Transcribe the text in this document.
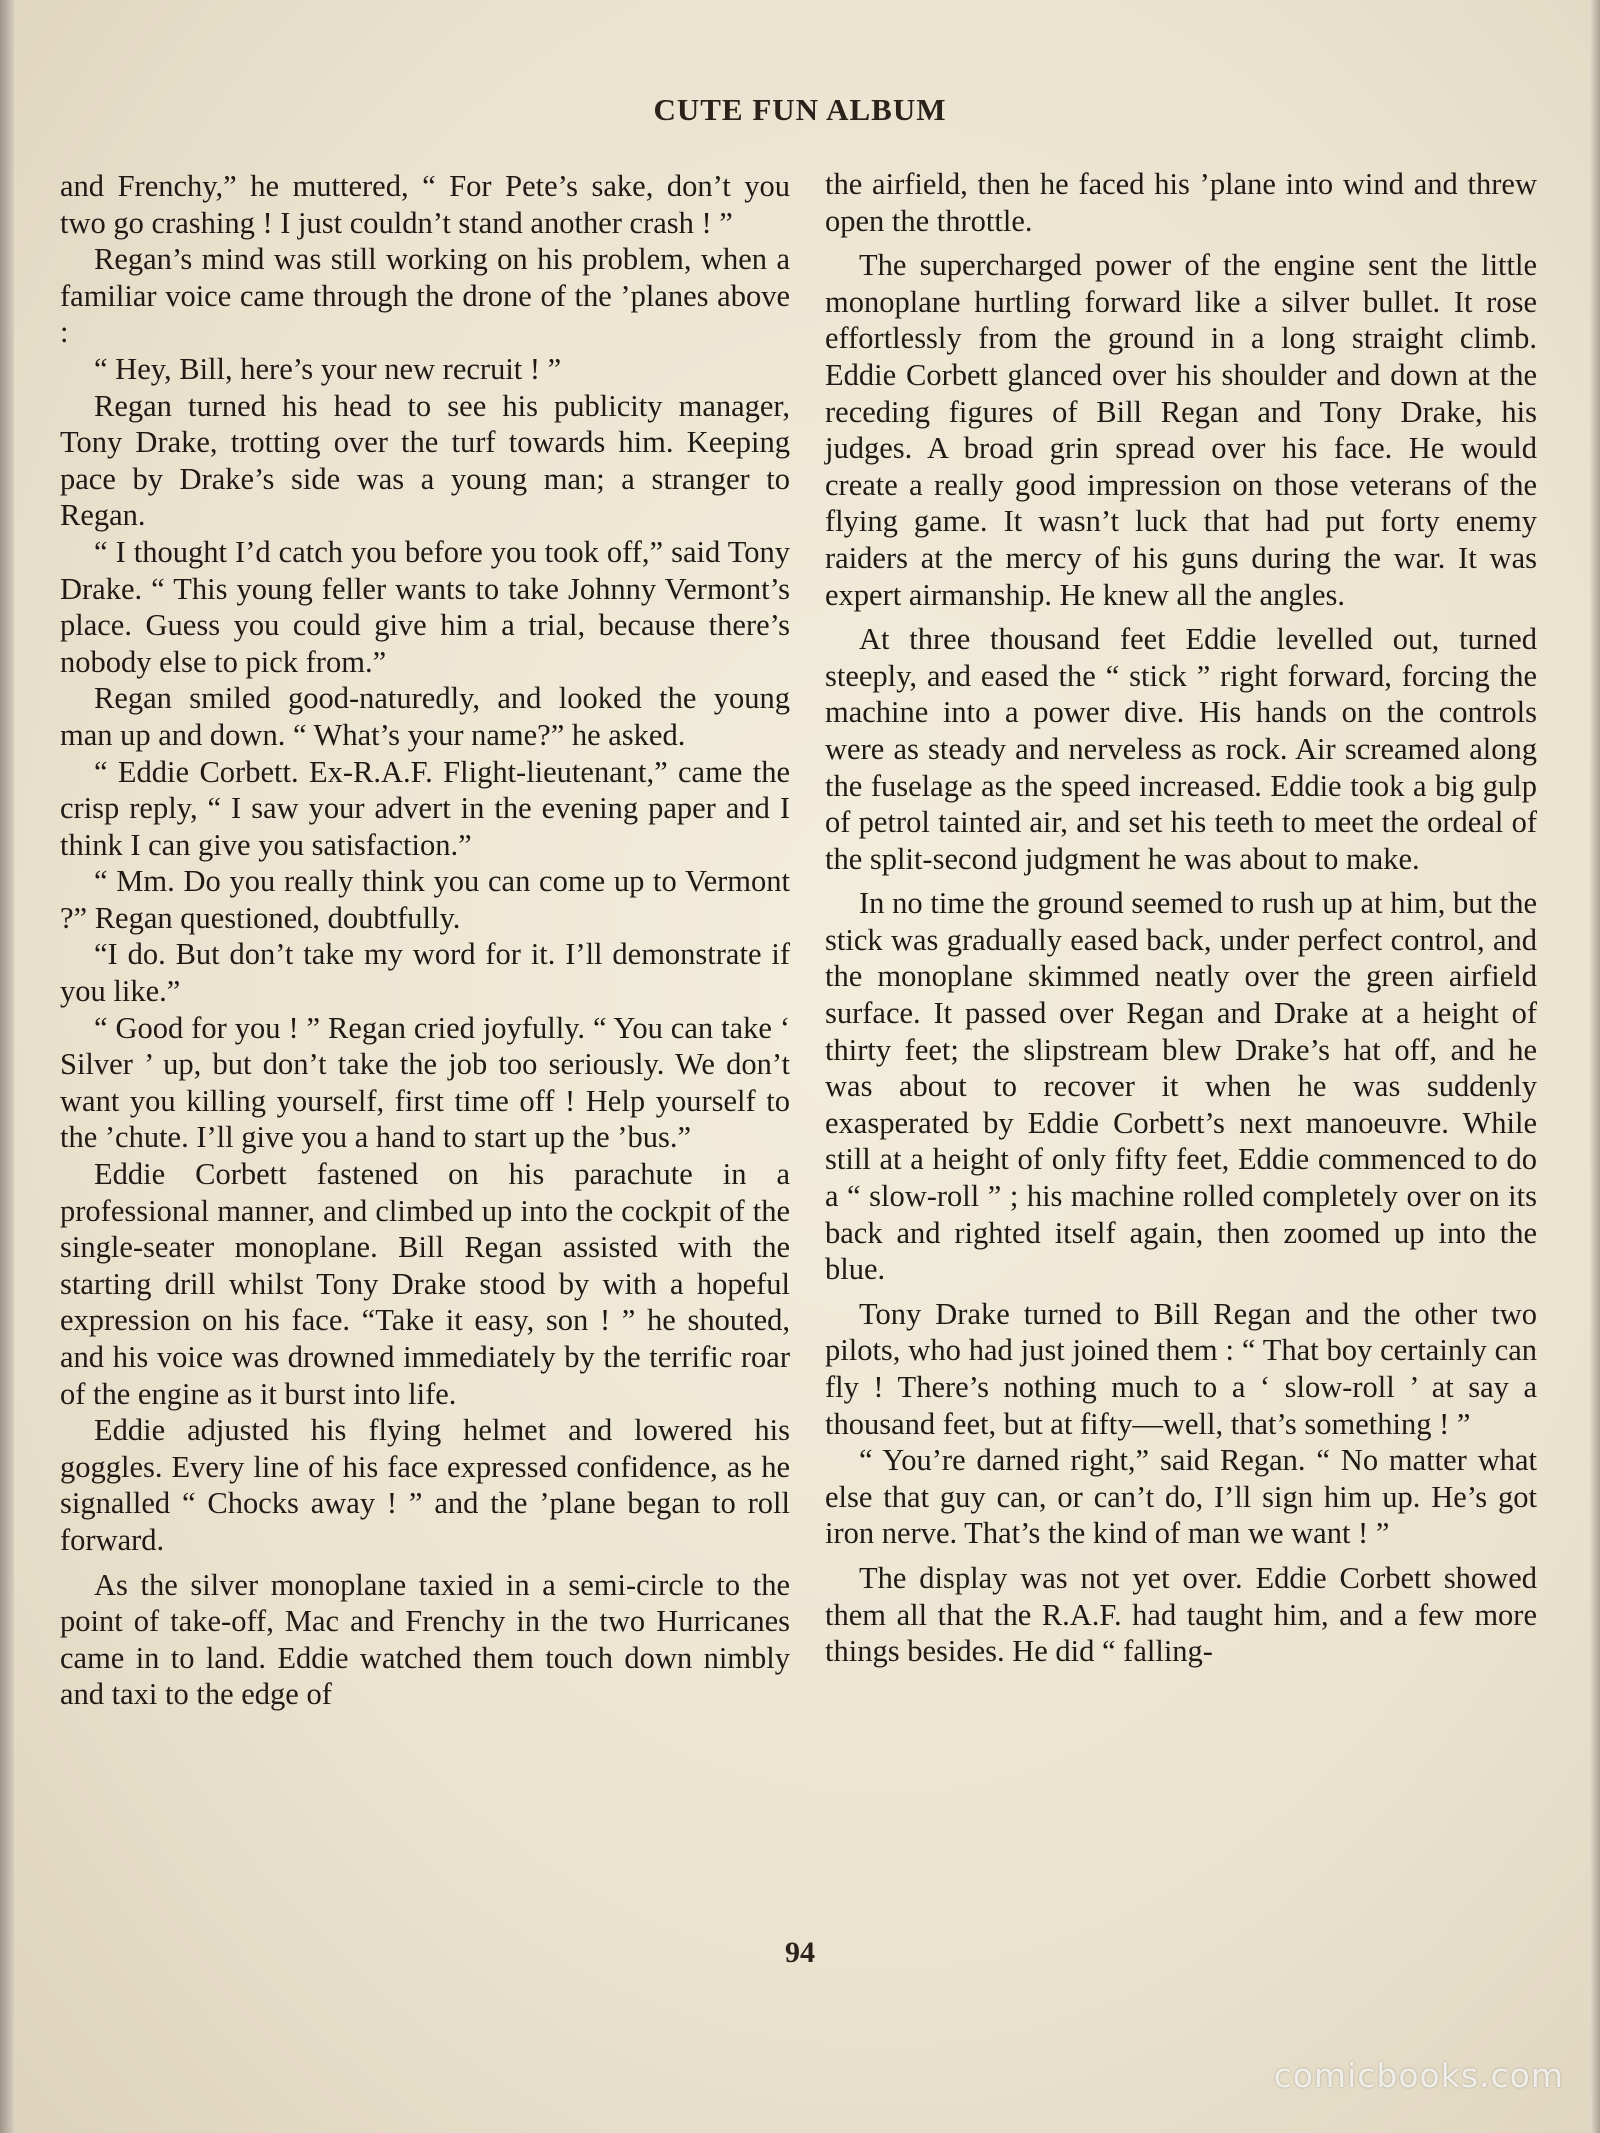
CUTE FUN ALBUM

and Frenchy,” he muttered, “ For Pete’s sake, don’t you two go crashing ! I just couldn’t stand another crash ! ”

Regan’s mind was still working on his problem, when a familiar voice came through the drone of the ’planes above :

“ Hey, Bill, here’s your new recruit ! ”

Regan turned his head to see his publicity manager, Tony Drake, trotting over the turf towards him. Keeping pace by Drake’s side was a young man; a stranger to Regan.

“ I thought I’d catch you before you took off,” said Tony Drake. “ This young feller wants to take Johnny Vermont’s place. Guess you could give him a trial, because there’s nobody else to pick from.”

Regan smiled good-naturedly, and looked the young man up and down. “ What’s your name?” he asked.

“ Eddie Corbett. Ex-R.A.F. Flight-lieutenant,” came the crisp reply, “ I saw your advert in the evening paper and I think I can give you satisfaction.”

“ Mm. Do you really think you can come up to Vermont ?” Regan questioned, doubtfully.

“I do. But don’t take my word for it. I’ll demonstrate if you like.”

“ Good for you ! ” Regan cried joyfully. “ You can take ‘ Silver ’ up, but don’t take the job too seriously. We don’t want you killing yourself, first time off ! Help yourself to the ’chute. I’ll give you a hand to start up the ’bus.”

Eddie Corbett fastened on his parachute in a professional manner, and climbed up into the cockpit of the single-seater monoplane. Bill Regan assisted with the starting drill whilst Tony Drake stood by with a hopeful expression on his face. “Take it easy, son ! ” he shouted, and his voice was drowned immediately by the terrific roar of the engine as it burst into life.

Eddie adjusted his flying helmet and lowered his goggles. Every line of his face expressed confidence, as he signalled “ Chocks away ! ” and the ’plane began to roll forward.

As the silver monoplane taxied in a semi-circle to the point of take-off, Mac and Frenchy in the two Hurricanes came in to land. Eddie watched them touch down nimbly and taxi to the edge of

the airfield, then he faced his ’plane into wind and threw open the throttle.

The supercharged power of the engine sent the little monoplane hurtling forward like a silver bullet. It rose effortlessly from the ground in a long straight climb. Eddie Corbett glanced over his shoulder and down at the receding figures of Bill Regan and Tony Drake, his judges. A broad grin spread over his face. He would create a really good impression on those veterans of the flying game. It wasn’t luck that had put forty enemy raiders at the mercy of his guns during the war. It was expert airmanship. He knew all the angles.

At three thousand feet Eddie levelled out, turned steeply, and eased the “ stick ” right forward, forcing the machine into a power dive. His hands on the controls were as steady and nerveless as rock. Air screamed along the fuselage as the speed increased. Eddie took a big gulp of petrol tainted air, and set his teeth to meet the ordeal of the split-second judgment he was about to make.

In no time the ground seemed to rush up at him, but the stick was gradually eased back, under perfect control, and the monoplane skimmed neatly over the green airfield surface. It passed over Regan and Drake at a height of thirty feet; the slipstream blew Drake’s hat off, and he was about to recover it when he was suddenly exasperated by Eddie Corbett’s next manoeuvre. While still at a height of only fifty feet, Eddie commenced to do a “ slow-roll ” ; his machine rolled completely over on its back and righted itself again, then zoomed up into the blue.

Tony Drake turned to Bill Regan and the other two pilots, who had just joined them : “ That boy certainly can fly ! There’s nothing much to a ‘ slow-roll ’ at say a thousand feet, but at fifty—well, that’s something ! ”

“ You’re darned right,” said Regan. “ No matter what else that guy can, or can’t do, I’ll sign him up. He’s got iron nerve. That’s the kind of man we want ! ”

The display was not yet over. Eddie Corbett showed them all that the R.A.F. had taught him, and a few more things besides. He did “ falling-

94
comicbooks.com
